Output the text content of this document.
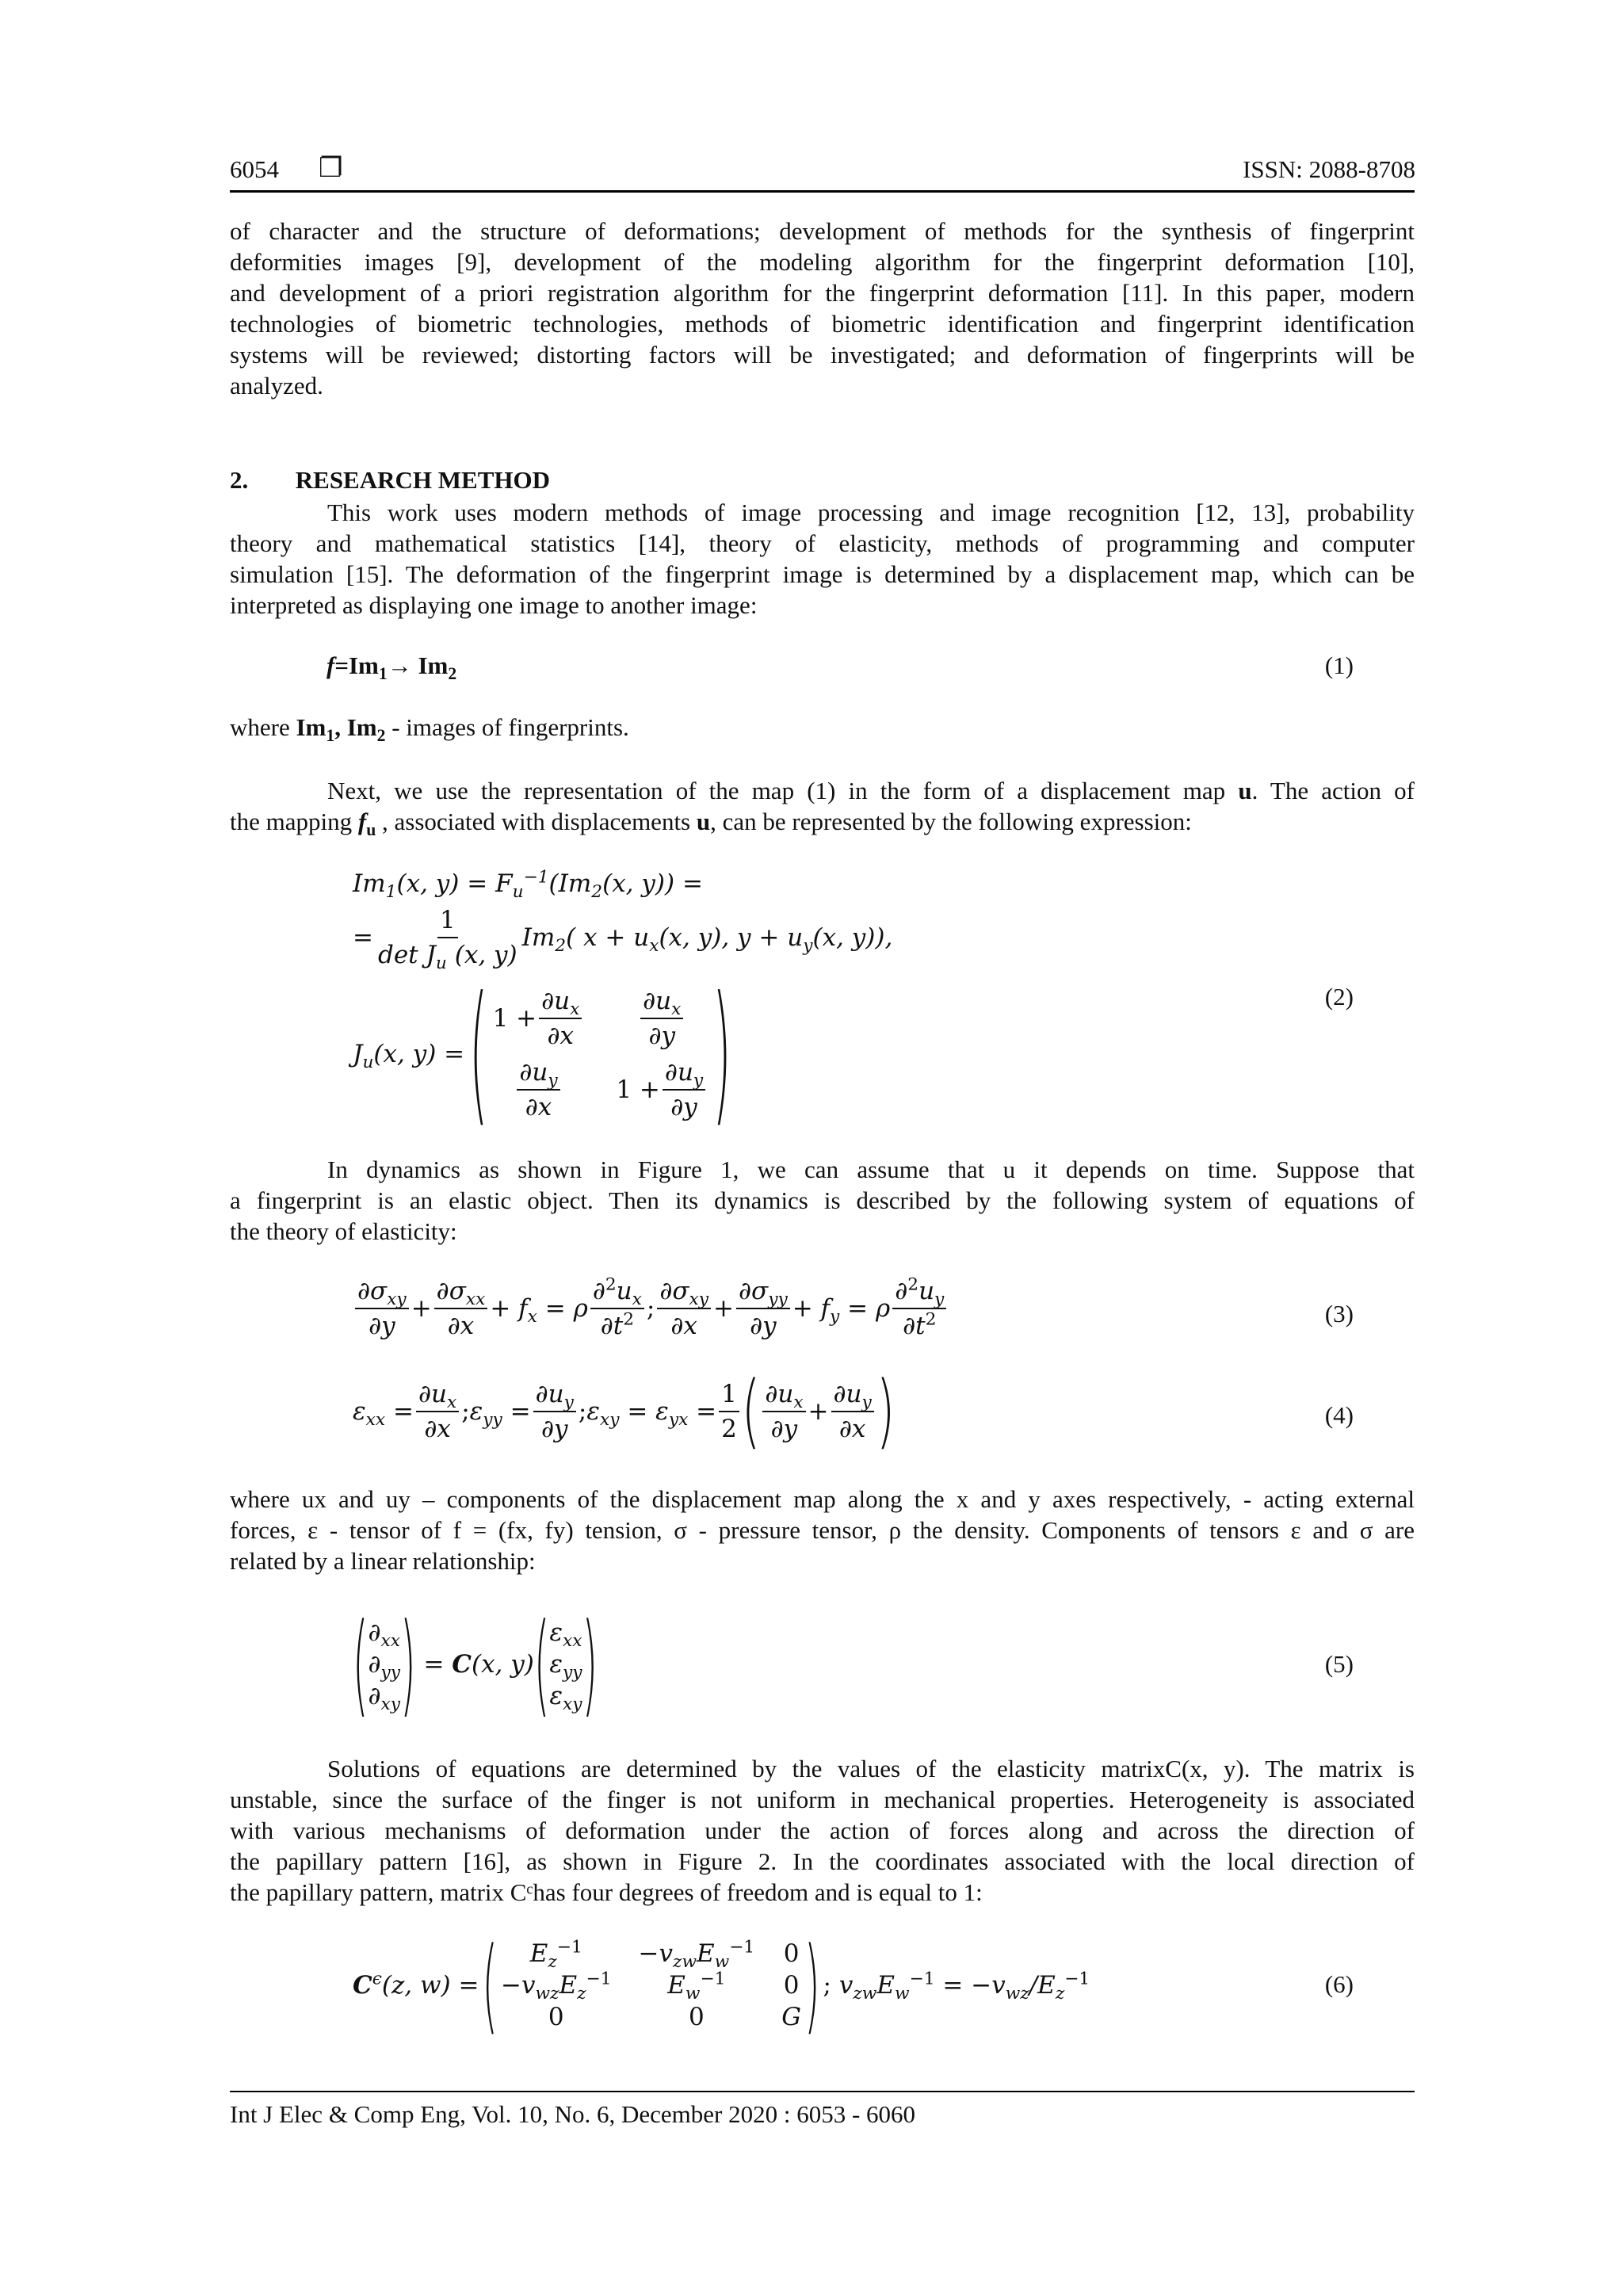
6054 ❐	ISSN: 2088-8708
of character and the structure of deformations; development of methods for the synthesis of fingerprint
deformities images [9], development of the modeling algorithm for the fingerprint deformation [10],
and development of a priori registration algorithm for the fingerprint deformation [11]. In this paper, modern
technologies of biometric technologies, methods of biometric identification and fingerprint identification
systems will be reviewed; distorting factors will be investigated; and deformation of fingerprints will be
analyzed.
2. RESEARCH METHOD
This work uses modern methods of image processing and image recognition [12, 13], probability
theory and mathematical statistics [14], theory of elasticity, methods of programming and computer
simulation [15]. The deformation of the fingerprint image is determined by a displacement map, which can be
interpreted as displaying one image to another image:
$f=Im_1\to Im_2$	(1)
where $Im_1$, $Im_2$ - images of fingerprints.
Next, we use the representation of the map (1) in the form of a displacement map u. The action of
the mapping $f_u$ , associated with displacements u, can be represented by the following expression:
$Im_1(x$, $y) = F_u^{-1}(Im_2(x$, y)) =
= $\frac{1}{\det J_u (x, y)} Im_2$( $x + u_x(x$, y), $y + u_y(x$, y)),
$J_u(x$, y) = ( $1 + \frac{\partial u_x}{\partial x} \frac{\partial u_x}{\partial y}$
$\frac{\partial u_y}{\partial x} 1 + \frac{\partial u_y}{\partial y}$ )	(2)
In dynamics as shown in Figure 1, we can assume that u it depends on time. Suppose that
a fingerprint is an elastic object. Then its dynamics is described by the following system of equations of
the theory of elasticity:
$\frac{\partial\sigma_{xy}}{\partial y} + \frac{\partial\sigma_{xx}}{\partial x} + f_x = \rho \frac{\partial^2u_x}{\partial t^2}$ ; $\frac{\partial\sigma_{xy}}{\partial x} + \frac{\partial\sigma_{yy}}{\partial y} + f_y = \rho \frac{\partial^2u_y}{\partial t^2}$	(3)
$\varepsilon_{xx} = \frac{\partial u_x}{\partial x}$ ; $\varepsilon_{yy} = \frac{\partial u_y}{\partial y}$ ; $\varepsilon_{xy} = \varepsilon_{yx} = \frac{1}{2}$ ( $\frac{\partial u_x}{\partial y} + \frac{\partial u_y}{\partial x}$ )	(4)
where ux and uy – components of the displacement map along the x and y axes respectively, - acting external
forces, ε - tensor of f = (fx, fy) tension, σ - pressure tensor, ρ the density. Components of tensors ε and σ are
related by a linear relationship:
( $\partial_{xx}$
$\partial_{yy}$
$\partial_{xy}$ ) = C(x, y) ( $\varepsilon_{xx}$
$\varepsilon_{yy}$
$\varepsilon_{xy}$ )	(5)
Solutions of equations are determined by the values of the elasticity matrixC(x, y). The matrix is
unstable, since the surface of the finger is not uniform in mechanical properties. Heterogeneity is associated
with various mechanisms of deformation under the action of forces along and across the direction of
the papillary pattern [16], as shown in Figure 2. In the coordinates associated with the local direction of
the papillary pattern, matrix Cᶜhas four degrees of freedom and is equal to 1:
$C^\epsilon(z$, w) = ( $E_z^{-1} -v_{zw}E_w^{-1}$ 0
$-v_{wz}E_z^{-1}$ $E_w^{-1}$ 0
0	0	G ) ; $v_{zw}E_w^{-1} = -v_{wz}/E_z^{-1}$	(6)
Int J Elec & Comp Eng, Vol. 10, No. 6, December 2020 : 6053 - 6060
